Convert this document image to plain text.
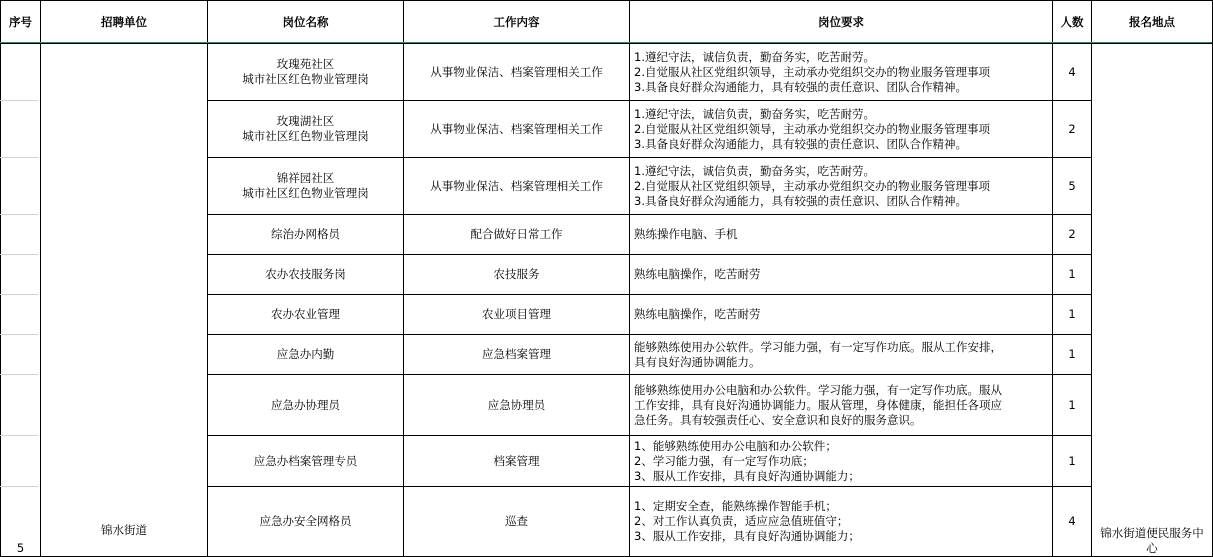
序号	招聘单位	岗位名称	工作内容	岗位要求	人数	报名地点
5	锦水街道	玫瑰苑社区
城市社区红色物业管理岗	从事物业保洁、档案管理相关工作	1.遵纪守法，诚信负责，勤奋务实，吃苦耐劳。
2.自觉服从社区党组织领导，主动承办党组织交办的物业服务管理事项
3.具备良好群众沟通能力，具有较强的责任意识、团队合作精神。	4	锦水街道便民服务中心

		玫瑰湖社区
城市社区红色物业管理岗	从事物业保洁、档案管理相关工作	1.遵纪守法，诚信负责，勤奋务实，吃苦耐劳。
2.自觉服从社区党组织领导，主动承办党组织交办的物业服务管理事项
3.具备良好群众沟通能力，具有较强的责任意识、团队合作精神。	2	

		锦祥园社区
城市社区红色物业管理岗	从事物业保洁、档案管理相关工作	1.遵纪守法，诚信负责，勤奋务实，吃苦耐劳。
2.自觉服从社区党组织领导，主动承办党组织交办的物业服务管理事项
3.具备良好群众沟通能力，具有较强的责任意识、团队合作精神。	5	

		综治办网格员	配合做好日常工作	熟练操作电脑、手机	2	

		农办农技服务岗	农技服务	熟练电脑操作，吃苦耐劳	1	

		农办农业管理	农业项目管理	熟练电脑操作，吃苦耐劳	1	

		应急办内勤	应急档案管理	能够熟练使用办公软件。学习能力强，有一定写作功底。服从工作安排，
具有良好沟通协调能力。	1	

		应急办协理员	应急协理员	能够熟练使用办公电脑和办公软件。学习能力强，有一定写作功底。服从
工作安排，具有良好沟通协调能力。服从管理，身体健康，能担任各项应
急任务。具有较强责任心、安全意识和良好的服务意识。	1	

		应急办档案管理专员	档案管理	1、能够熟练使用办公电脑和办公软件；
2、学习能力强，有一定写作功底；
3、服从工作安排，具有良好沟通协调能力；	1	

		应急办安全网格员	巡查	1、定期安全查，能熟练操作智能手机；
2、对工作认真负责，适应应急值班值守；
3、服从工作安排，具有良好沟通协调能力；	4	
